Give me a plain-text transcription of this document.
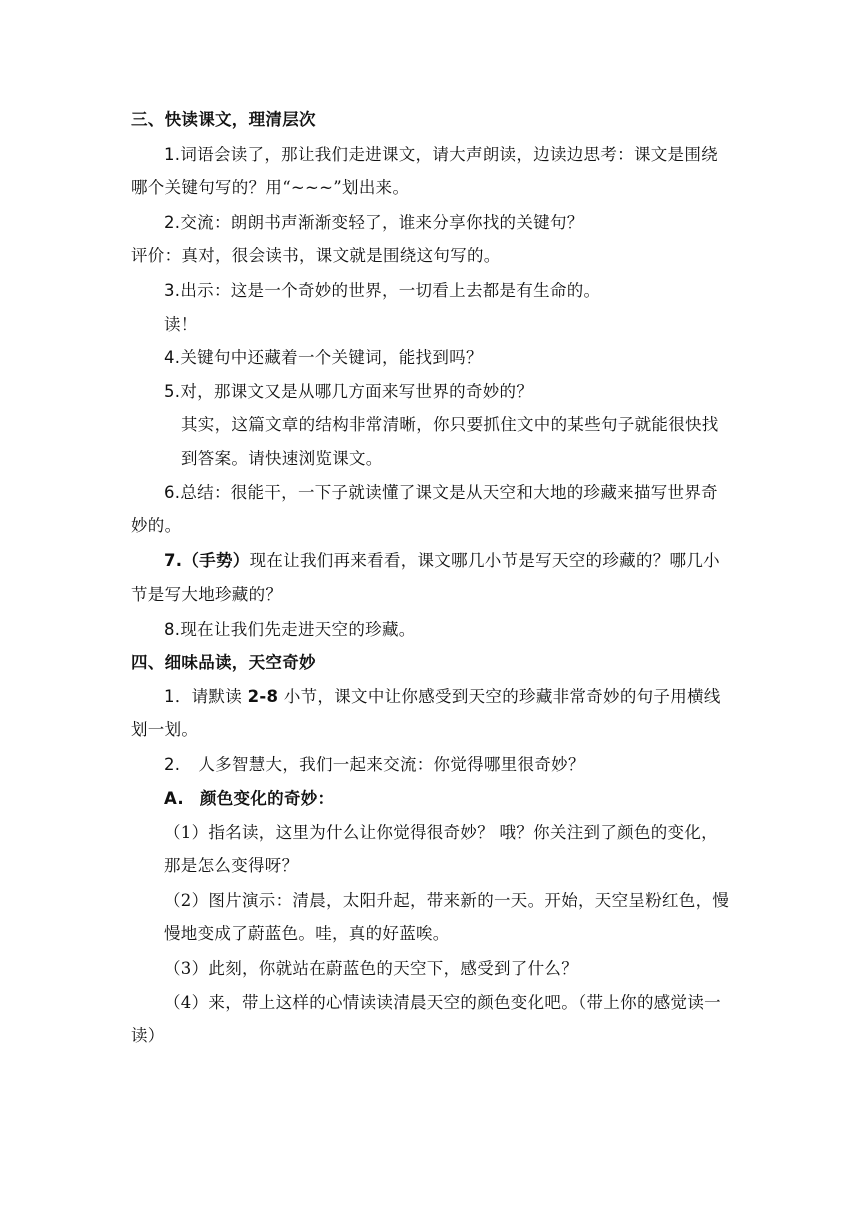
三、快读课文，理清层次
1.词语会读了，那让我们走进课文，请大声朗读，边读边思考：课文是围绕
哪个关键句写的？用“~~~”划出来。
2.交流：朗朗书声渐渐变轻了，谁来分享你找的关键句？
评价：真对，很会读书，课文就是围绕这句写的。
3.出示：这是一个奇妙的世界，一切看上去都是有生命的。
读！
4.关键句中还藏着一个关键词，能找到吗？
5.对，那课文又是从哪几方面来写世界的奇妙的？
其实，这篇文章的结构非常清晰，你只要抓住文中的某些句子就能很快找
到答案。请快速浏览课文。
6.总结：很能干，一下子就读懂了课文是从天空和大地的珍藏来描写世界奇
妙的。
7.（手势）现在让我们再来看看，课文哪几小节是写天空的珍藏的？哪几小
节是写大地珍藏的？
8.现在让我们先走进天空的珍藏。
四、细味品读，天空奇妙
1．请默读 2-8 小节，课文中让你感受到天空的珍藏非常奇妙的句子用横线
划一划。
2. 人多智慧大，我们一起来交流：你觉得哪里很奇妙？
A. 颜色变化的奇妙：
（1）指名读，这里为什么让你觉得很奇妙？ 哦？你关注到了颜色的变化，
那是怎么变得呀？
（2）图片演示：清晨，太阳升起，带来新的一天。开始，天空呈粉红色，慢
慢地变成了蔚蓝色。哇，真的好蓝唉。
（3）此刻，你就站在蔚蓝色的天空下，感受到了什么？
（4）来，带上这样的心情读读清晨天空的颜色变化吧。（带上你的感觉读一
读）
